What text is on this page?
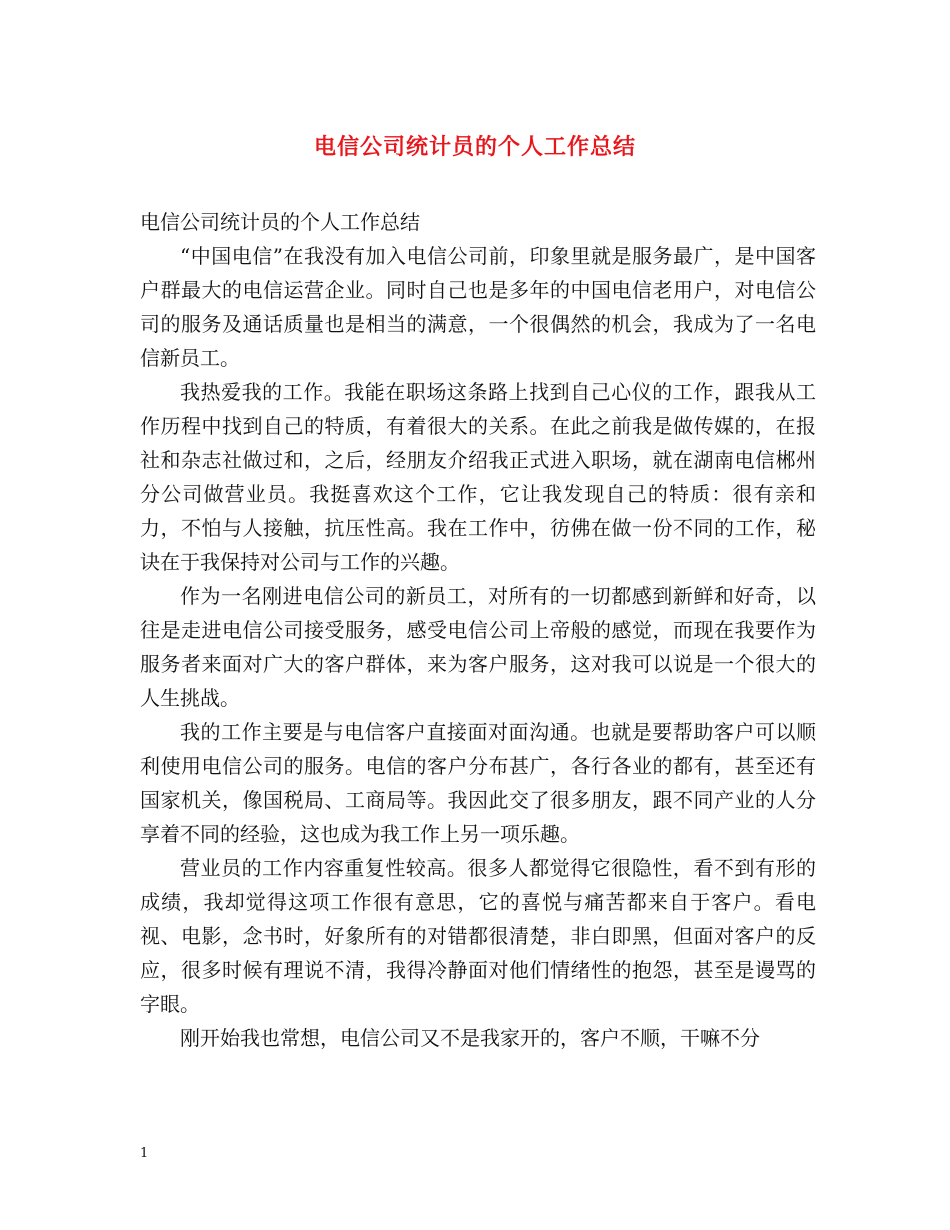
电信公司统计员的个人工作总结

电信公司统计员的个人工作总结

“中国电信”在我没有加入电信公司前，印象里就是服务最广，是中国客户群最大的电信运营企业。同时自己也是多年的中国电信老用户，对电信公司的服务及通话质量也是相当的满意，一个很偶然的机会，我成为了一名电信新员工。

我热爱我的工作。我能在职场这条路上找到自己心仪的工作，跟我从工作历程中找到自己的特质，有着很大的关系。在此之前我是做传媒的，在报社和杂志社做过和，之后，经朋友介绍我正式进入职场，就在湖南电信郴州分公司做营业员。我挺喜欢这个工作，它让我发现自己的特质：很有亲和力，不怕与人接触，抗压性高。我在工作中，彷佛在做一份不同的工作，秘诀在于我保持对公司与工作的兴趣。

作为一名刚进电信公司的新员工，对所有的一切都感到新鲜和好奇，以往是走进电信公司接受服务，感受电信公司上帝般的感觉，而现在我要作为服务者来面对广大的客户群体，来为客户服务，这对我可以说是一个很大的人生挑战。

我的工作主要是与电信客户直接面对面沟通。也就是要帮助客户可以顺利使用电信公司的服务。电信的客户分布甚广，各行各业的都有，甚至还有国家机关，像国税局、工商局等。我因此交了很多朋友，跟不同产业的人分享着不同的经验，这也成为我工作上另一项乐趣。

营业员的工作内容重复性较高。很多人都觉得它很隐性，看不到有形的成绩，我却觉得这项工作很有意思，它的喜悦与痛苦都来自于客户。看电视、电影，念书时，好象所有的对错都很清楚，非白即黑，但面对客户的反应，很多时候有理说不清，我得冷静面对他们情绪性的抱怨，甚至是谩骂的字眼。

刚开始我也常想，电信公司又不是我家开的，客户不顺，干嘛不分

1
